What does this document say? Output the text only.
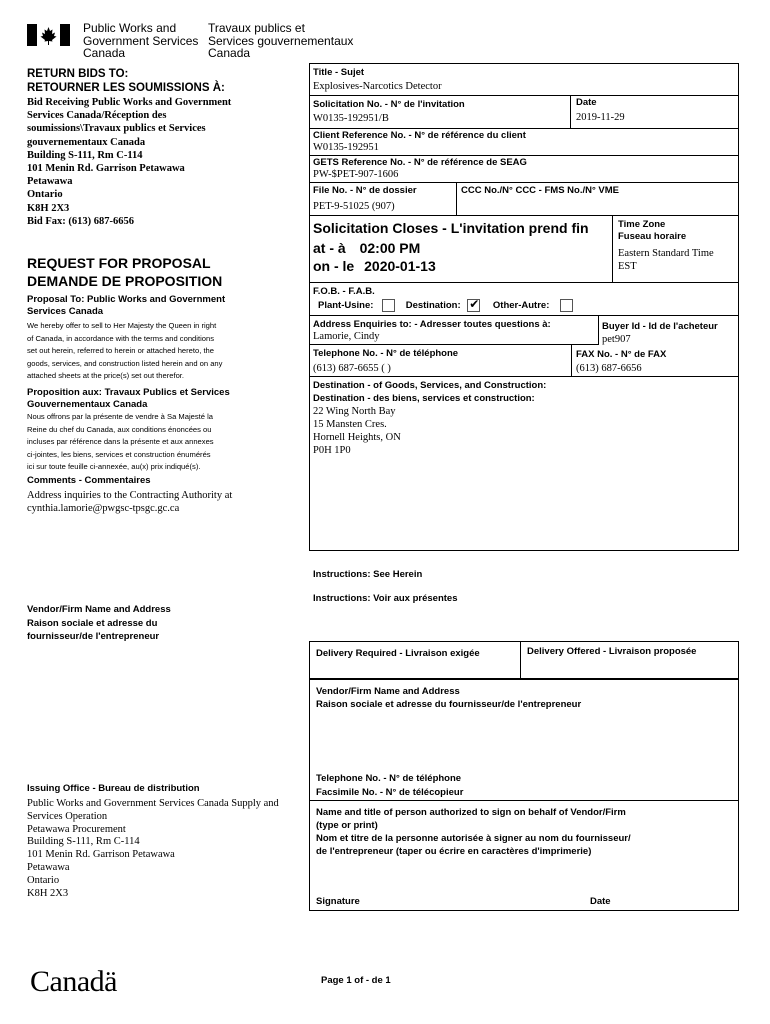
Public Works and
Government Services
Canada
Travaux publics et
Services gouvernementaux
Canada
RETURN BIDS TO:
RETOURNER LES SOUMISSIONS À:
Bid Receiving Public Works and Government
Services Canada/Réception des
soumissions\Travaux publics et Services
gouvernementaux Canada
Building S-111, Rm C-114
101 Menin Rd. Garrison Petawawa
Petawawa
Ontario
K8H 2X3
Bid Fax: (613) 687-6656
REQUEST FOR PROPOSAL
DEMANDE DE PROPOSITION
Proposal To: Public Works and Government
Services Canada
We hereby offer to sell to Her Majesty the Queen in right
of Canada, in accordance with the terms and conditions
set out herein, referred to herein or attached hereto, the
goods, services, and construction listed herein and on any
attached sheets at the price(s) set out therefor.
Proposition aux: Travaux Publics et Services
Gouvernementaux Canada
Nous offrons par la présente de vendre à Sa Majesté la
Reine du chef du Canada, aux conditions énoncées ou
incluses par référence dans la présente et aux annexes
ci-jointes, les biens, services et construction énumérés
ici sur toute feuille ci-annexée, au(x) prix indiqué(s).
Comments - Commentaires
Address inquiries to the Contracting Authority at
cynthia.lamorie@pwgsc-tpsgc.gc.ca
Vendor/Firm Name and Address
Raison sociale et adresse du
fournisseur/de l'entrepreneur
Issuing Office - Bureau de distribution
Public Works and Government Services Canada Supply and
Services Operation
Petawawa Procurement
Building S-111, Rm C-114
101 Menin Rd. Garrison Petawawa
Petawawa
Ontario
K8H 2X3
Title - Sujet
Explosives-Narcotics Detector
Solicitation No. - N° de l'invitation
W0135-192951/B
Date
2019-11-29
Client Reference No. - N° de référence du client
W0135-192951
GETS Reference No. - N° de référence de SEAG
PW-$PET-907-1606
File No. - N° de dossier
PET-9-51025 (907)
CCC No./N° CCC - FMS No./N° VME
Solicitation Closes - L'invitation prend fin
at - à 02:00 PM
on - le 2020-01-13
Time Zone
Fuseau horaire
Eastern Standard Time
EST
F.O.B. - F.A.B.
Plant-Usine:	Destination: ✔ Other-Autre:
Address Enquiries to: - Adresser toutes questions à:
Lamorie, Cindy
Buyer Id - Id de l'acheteur
pet907
Telephone No. - N° de téléphone
(613) 687-6655 ( )
FAX No. - N° de FAX
(613) 687-6656
Destination - of Goods, Services, and Construction:
Destination - des biens, services et construction:
22 Wing North Bay
15 Mansten Cres.
Hornell Heights, ON
P0H 1P0
Instructions: See Herein
Instructions: Voir aux présentes
Delivery Required - Livraison exigée	Delivery Offered - Livraison proposée
Vendor/Firm Name and Address
Raison sociale et adresse du fournisseur/de l'entrepreneur
Telephone No. - N° de téléphone
Facsimile No. - N° de télécopieur
Name and title of person authorized to sign on behalf of Vendor/Firm
(type or print)
Nom et titre de la personne autorisée à signer au nom du fournisseur/
de l'entrepreneur (taper ou écrire en caractères d'imprimerie)
Signature	Date
Canadä	Page 1 of - de 1
